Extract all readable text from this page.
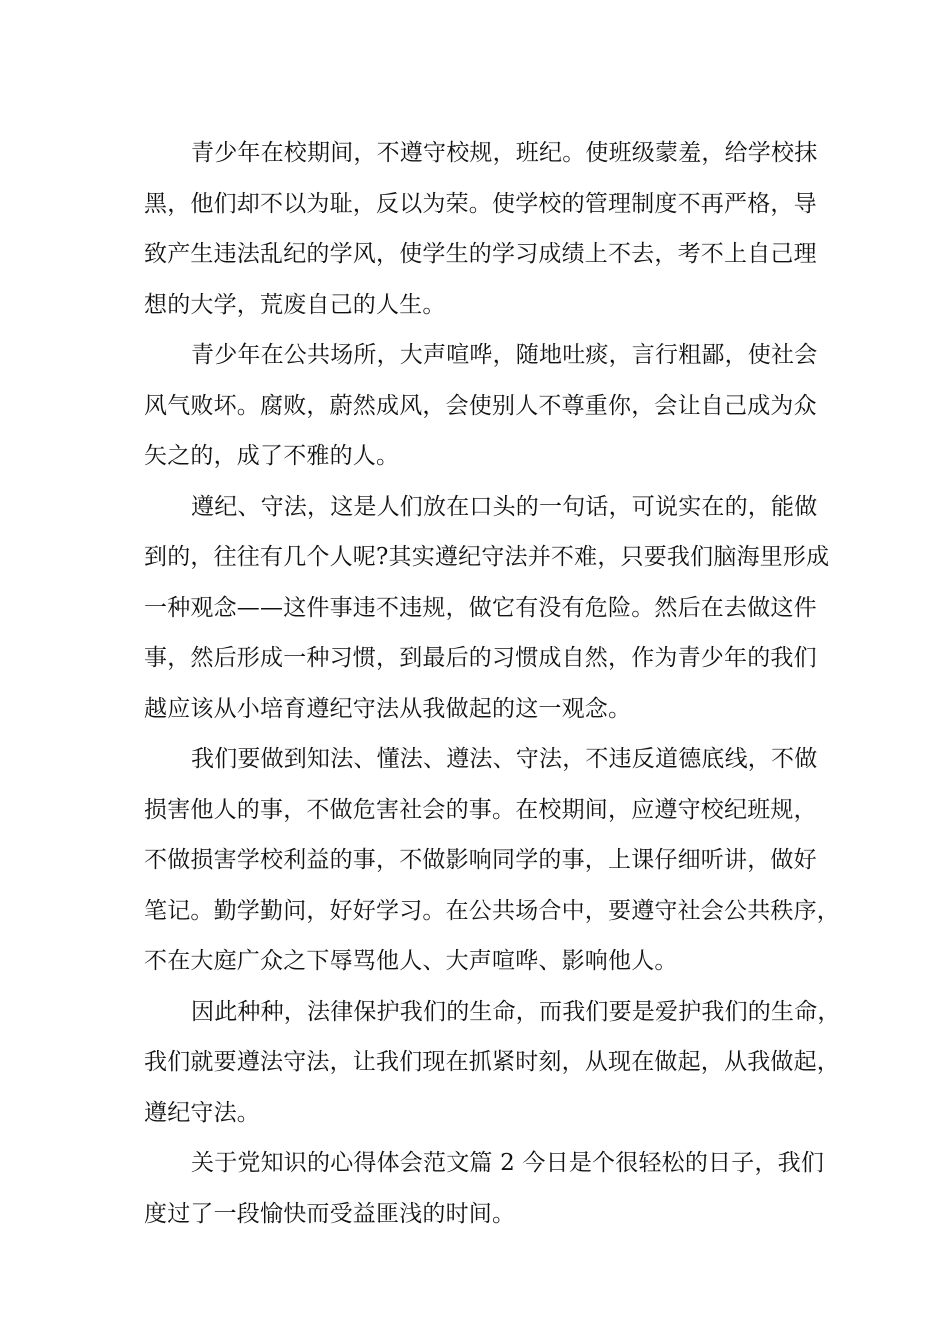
青少年在校期间，不遵守校规，班纪。使班级蒙羞，给学校抹
黑，他们却不以为耻，反以为荣。使学校的管理制度不再严格，导
致产生违法乱纪的学风，使学生的学习成绩上不去，考不上自己理
想的大学，荒废自己的人生。
青少年在公共场所，大声喧哗，随地吐痰，言行粗鄙，使社会
风气败坏。腐败，蔚然成风，会使别人不尊重你，会让自己成为众
矢之的，成了不雅的人。
遵纪、守法，这是人们放在口头的一句话，可说实在的，能做
到的，往往有几个人呢?其实遵纪守法并不难，只要我们脑海里形成
一种观念——这件事违不违规，做它有没有危险。然后在去做这件
事，然后形成一种习惯，到最后的习惯成自然，作为青少年的我们
越应该从小培育遵纪守法从我做起的这一观念。
我们要做到知法、懂法、遵法、守法，不违反道德底线，不做
损害他人的事，不做危害社会的事。在校期间，应遵守校纪班规，
不做损害学校利益的事，不做影响同学的事，上课仔细听讲，做好
笔记。勤学勤问，好好学习。在公共场合中，要遵守社会公共秩序，
不在大庭广众之下辱骂他人、大声喧哗、影响他人。
因此种种，法律保护我们的生命，而我们要是爱护我们的生命，
我们就要遵法守法，让我们现在抓紧时刻，从现在做起，从我做起，
遵纪守法。
关于党知识的心得体会范文篇 2 今日是个很轻松的日子，我们
度过了一段愉快而受益匪浅的时间。
